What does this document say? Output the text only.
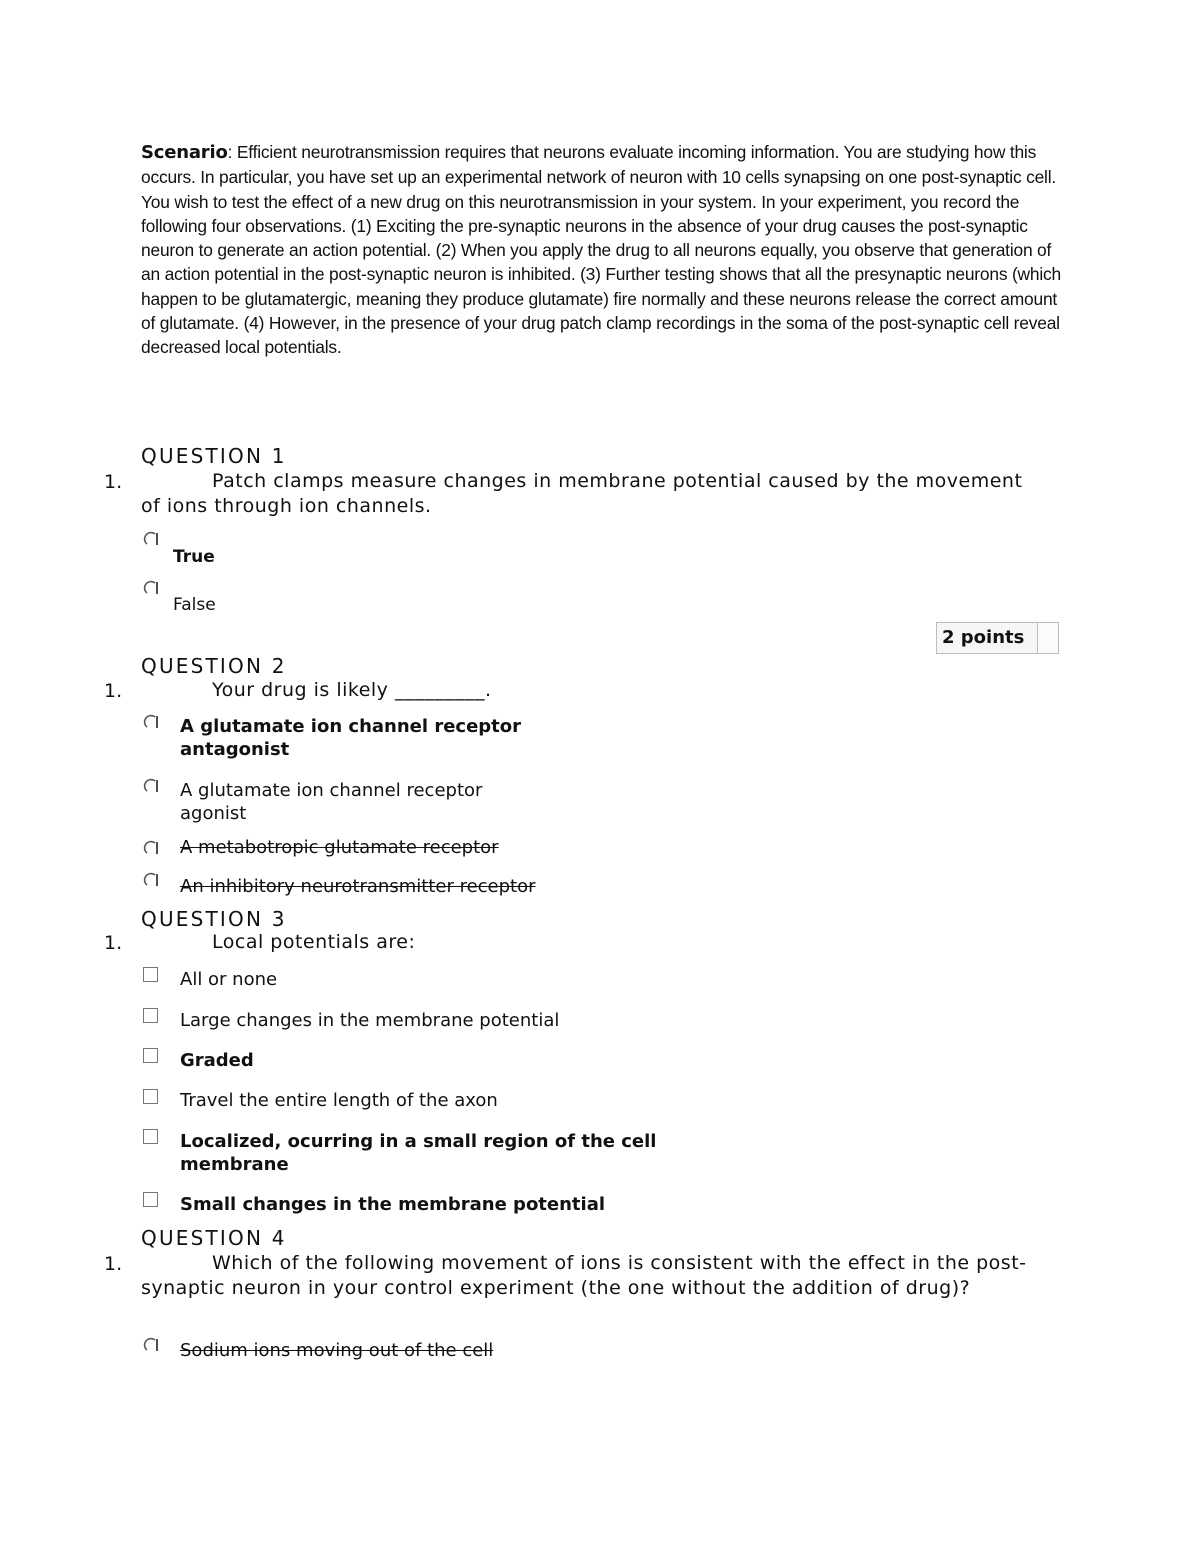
Scenario: Efficient neurotransmission requires that neurons evaluate incoming information. You are studying how this occurs. In particular, you have set up an experimental network of neuron with 10 cells synapsing on one post-synaptic cell. You wish to test the effect of a new drug on this neurotransmission in your system. In your experiment, you record the following four observations. (1) Exciting the pre-synaptic neurons in the absence of your drug causes the post-synaptic neuron to generate an action potential. (2) When you apply the drug to all neurons equally, you observe that generation of an action potential in the post-synaptic neuron is inhibited. (3) Further testing shows that all the presynaptic neurons (which happen to be glutamatergic, meaning they produce glutamate) fire normally and these neurons release the correct amount of glutamate. (4) However, in the presence of your drug patch clamp recordings in the soma of the post-synaptic cell reveal decreased local potentials.
QUESTION 1
1.	Patch clamps measure changes in membrane potential caused by the movement of ions through ion channels.
True
False
2 points
QUESTION 2
1.	Your drug is likely _________.
A glutamate ion channel receptor antagonist
A glutamate ion channel receptor agonist
A metabotropic glutamate receptor
An inhibitory neurotransmitter receptor
QUESTION 3
1.	Local potentials are:
All or none
Large changes in the membrane potential
Graded
Travel the entire length of the axon
Localized, ocurring in a small region of the cell membrane
Small changes in the membrane potential
QUESTION 4
1.	Which of the following movement of ions is consistent with the effect in the post-synaptic neuron in your control experiment (the one without the addition of drug)?
Sodium ions moving out of the cell
